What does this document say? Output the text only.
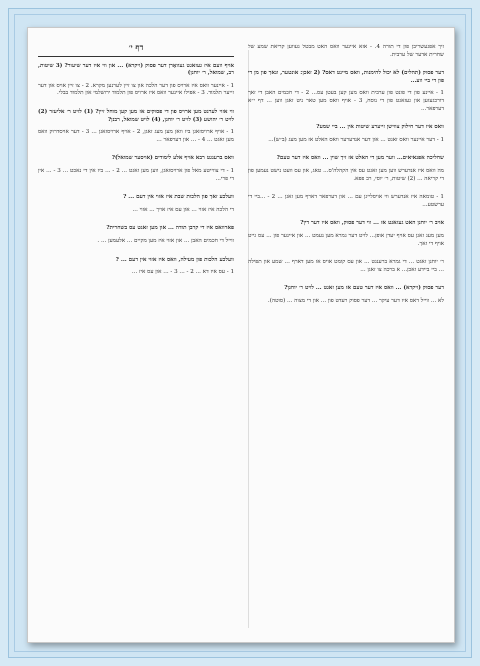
דף י׳
אויף וועם איז געזאגט געוואָרן דער פסוק (ויקרא) ... און ווי איז דער שיעור? (3 שיטות, רב, שמואל, ר׳ יוחנן)
1 - איינער וואס איז ארויס פון דער הלכה און צו זיין לערנען מקרא. 2 - צו זיין אויס און דער זייער תלמוד. 3 - אפילו איינער וואס איז ארויס פון תלמוד ירושלמי און תלמוד בבלי.
ווי אזוי לערנט מען ארויס פון די פסוקים אז מען קען מוחל זיין? (1) לויט ר׳ אליעזר (2) לויט ר׳ יהושע (3) לויט ר׳ יוחנן, (4) לויט שמואל, רבנן?
1 - אויף ארויסזאגן ביז וואן מען מעג זאגן, 2 - אויף ארויסזאגן ... 3 - דער אויסדרוק וואס מען זאגט ... 4 - ... און דערפאר ...
וואס ברענגט רבא אויף אלע לימודים (אויסער שמואל)?
1 - די צווייטע מאל פון ארויסזאגן, ווען מען זאגט ... 2 - ... ביז אין די נאכט ... 3 - ... אין די פרי...
וועלכע זאך פון הלכות שבת איז אזוי אין דעם ... ?
די הלכה איז אזוי ... און עס איז אויך ... אזוי ...
פארוואס איז די קרבן תודה ... און מען זאגט עס בשחרית?
ווייל די חכמים האבן ... און אזוי איז מען מקיים ... אלעמען ... .
וועלכע הלכות פון מעילה, וואס איז אזוי אין דעם ... ?
1 - עס איז דא ... 2 - ... 3 - ... און עס איז ...
זיך אפגעשריבן פון די תורה 4. - אזא איינער וואס האט מבטל געווען קריאת שמע של שחרית אדער של ערבית.
דער פסוק (תהלים) לא יכול להימנות, וואס מיינט דאס? (2 זאכן: אונטער, ונאך פון מן די פון די ביי ווע...
1 - איינע פון די פונט פון ערבית וואס מען קען בעטן עס... 2 - די חכמים האבן די זאך דורכגעזען און געזאגט פון די נוסח, 3 - אויף וואס מען טאר ניט זאגן ווען ... דף י״א דערפאר...
וואס איז דער חילוק צווישן זייערע שיטות אין ... ביי שמע?
1 - דער איינער וואס זאגט ... און דער אנדערער וואס האלט אז מען מעג (ב״ש)...
שחליכה אפנאיאים... ווער מען די האלט אז זיך שוין ... וואס איז דער טעם?
מה וואס איז אנדערש ווען מען זאגט עס אין הקהלה'ס... טאג, און עס וועט נישט נעמען פון די קריאה ... (2) שיטות, ר׳ יוסי, רב פפא.
1 - טומאה איז אנדערש ווי אויסלייגן עם ... און דערפאר דארף מען זאגן ... 2 - ...ביי די ערשטע...
אויב ר׳ יוחנן האט געזאגט אז ... ווי דער פסוק, וואס איז דער דין?
מען מעג זאגן עס אויף יעדן אופן... לויט דער גמרא מען נעמט ... און איינער פון ... עס גייט אויף די זאך.
ר׳ יוחנן זאגט ... די גמרא ברענגט ... און עס קומט אויס אז מען דארף ... שמע און תפילה ... ביי ביידע זאכן... א ברכה צו זאגן ...
דער פסוק (ויקרא) ... וואס איז דער טעם אז מען זאגט ... לויט ר׳ יוחנן?
לא ... ווייל דאס איז דער עיקר ... דער פסוק רעדט פון ... און די מצוה ... (סוטה).
